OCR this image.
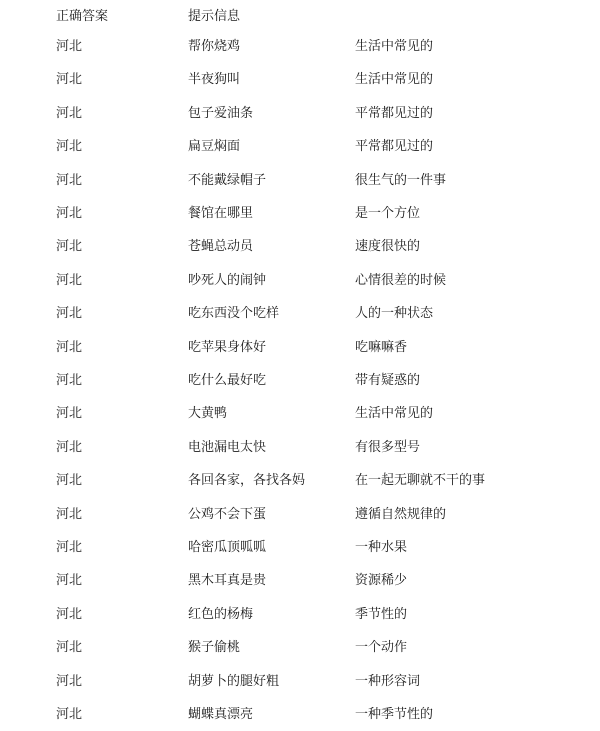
正确答案	提示信息
河北	帮你烧鸡	生活中常见的
河北	半夜狗叫	生活中常见的
河北	包子爱油条	平常都见过的
河北	扁豆焖面	平常都见过的
河北	不能戴绿帽子	很生气的一件事
河北	餐馆在哪里	是一个方位
河北	苍蝇总动员	速度很快的
河北	吵死人的闹钟	心情很差的时候
河北	吃东西没个吃样	人的一种状态
河北	吃苹果身体好	吃嘛嘛香
河北	吃什么最好吃	带有疑惑的
河北	大黄鸭	生活中常见的
河北	电池漏电太快	有很多型号
河北	各回各家，各找各妈	在一起无聊就不干的事
河北	公鸡不会下蛋	遵循自然规律的
河北	哈密瓜顶呱呱	一种水果
河北	黑木耳真是贵	资源稀少
河北	红色的杨梅	季节性的
河北	猴子偷桃	一个动作
河北	胡萝卜的腿好粗	一种形容词
河北	蝴蝶真漂亮	一种季节性的
